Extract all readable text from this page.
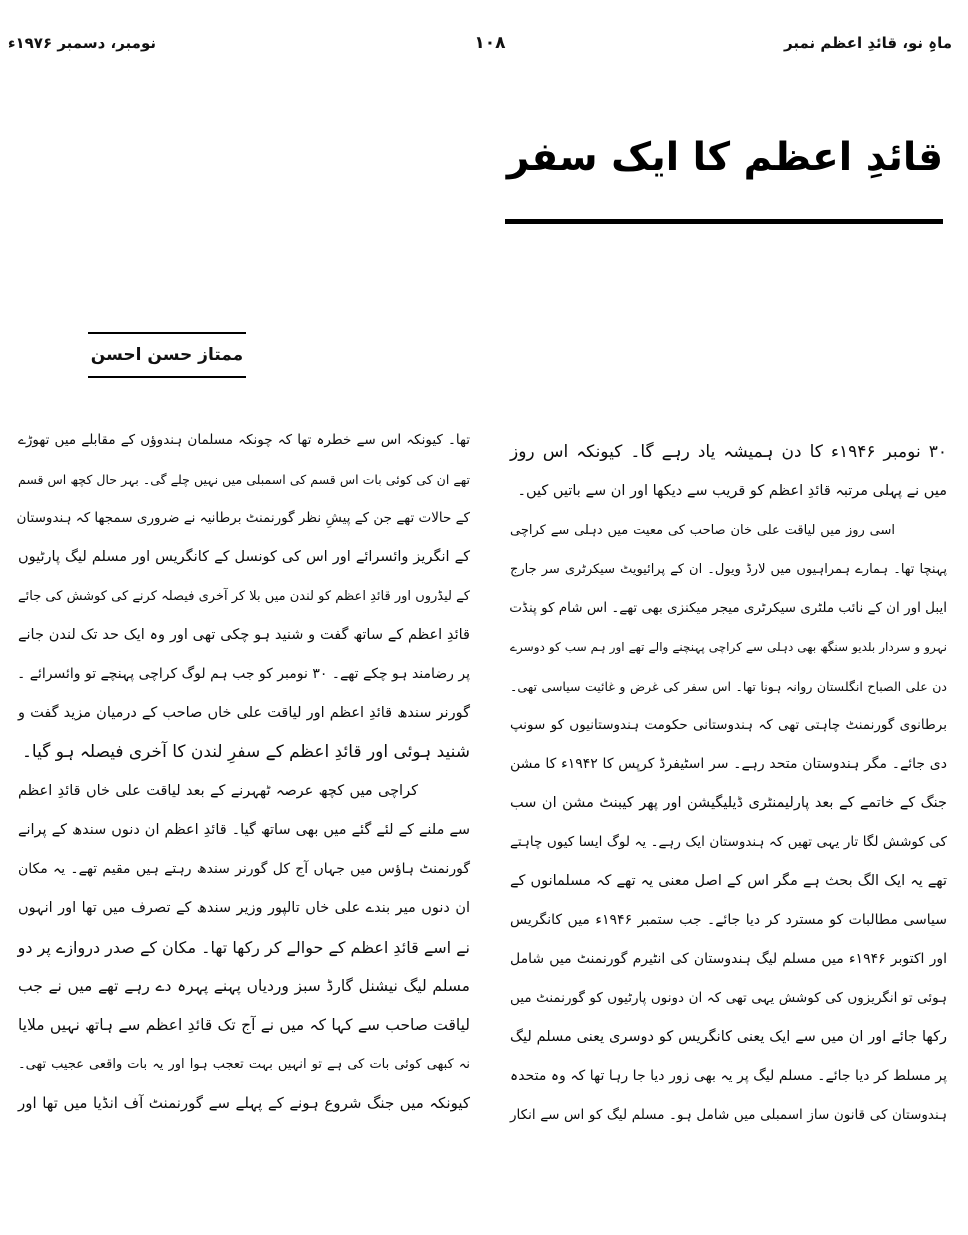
ماہِ نو، قائدِ اعظم نمبر
۱۰۸
نومبر، دسمبر ۱۹۷۶ء
قائدِ اعظم کا ایک سفر
ممتاز حسن احسن
۳۰ نومبر ۱۹۴۶ء کا دن ہمیشہ یاد رہے گا۔ کیونکہ اس روز
میں نے پہلی مرتبہ قائدِ اعظم کو قریب سے دیکھا اور ان سے باتیں کیں۔
اسی روز میں لیاقت علی خان صاحب کی معیت میں دہلی سے کراچی
پہنچا تھا۔ ہمارے ہمراہیوں میں لارڈ ویول۔ ان کے پرائیویٹ سیکرٹری سر جارج
ایبل اور ان کے نائب ملٹری سیکرٹری میجر میکنزی بھی تھے۔ اس شام کو پنڈت
نہرو و سردار بلدیو سنگھ بھی دہلی سے کراچی پہنچنے والے تھے اور ہم سب کو دوسرے
دن علی الصباح انگلستان روانہ ہونا تھا۔ اس سفر کی غرض و غائیت سیاسی تھی۔
برطانوی گورنمنٹ چاہتی تھی کہ ہندوستانی حکومت ہندوستانیوں کو سونپ
دی جائے۔ مگر ہندوستان متحد رہے۔ سر اسٹیفرڈ کرپس کا ۱۹۴۲ء کا مشن
جنگ کے خاتمے کے بعد پارلیمنٹری ڈیلیگیشن اور پھر کیبنٹ مشن ان سب
کی کوشش لگا تار یہی تھیں کہ ہندوستان ایک رہے۔ یہ لوگ ایسا کیوں چاہتے
تھے یہ ایک الگ بحث ہے مگر اس کے اصل معنی یہ تھے کہ مسلمانوں کے
سیاسی مطالبات کو مسترد کر دیا جائے۔ جب ستمبر ۱۹۴۶ء میں کانگریس
اور اکتوبر ۱۹۴۶ء میں مسلم لیگ ہندوستان کی انٹیرم گورنمنٹ میں شامل
ہوئی تو انگریزوں کی کوشش یہی تھی کہ ان دونوں پارٹیوں کو گورنمنٹ میں
رکھا جائے اور ان میں سے ایک یعنی کانگریس کو دوسری یعنی مسلم لیگ
پر مسلط کر دیا جائے۔ مسلم لیگ پر یہ بھی زور دیا جا رہا تھا کہ وہ متحدہ
ہندوستان کی قانون ساز اسمبلی میں شامل ہو۔ مسلم لیگ کو اس سے انکار
تھا۔ کیونکہ اس سے خطرہ تھا کہ چونکہ مسلمان ہندوؤں کے مقابلے میں تھوڑے
تھے ان کی کوئی بات اس قسم کی اسمبلی میں نہیں چلے گی۔ بہر حال کچھ اس قسم
کے حالات تھے جن کے پیشِ نظر گورنمنٹ برطانیہ نے ضروری سمجھا کہ ہندوستان
کے انگریز وائسرائے اور اس کی کونسل کے کانگریس اور مسلم لیگ پارٹیوں
کے لیڈروں اور قائدِ اعظم کو لندن میں بلا کر آخری فیصلہ کرنے کی کوشش کی جائے
قائدِ اعظم کے ساتھ گفت و شنید ہو چکی تھی اور وہ ایک حد تک لندن جانے
پر رضامند ہو چکے تھے۔ ۳۰ نومبر کو جب ہم لوگ کراچی پہنچے تو وائسرائے ۔
گورنر سندھ قائدِ اعظم اور لیاقت علی خاں صاحب کے درمیان مزید گفت و
شنید ہوئی اور قائدِ اعظم کے سفرِ لندن کا آخری فیصلہ ہو گیا۔
کراچی میں کچھ عرصہ ٹھہرنے کے بعد لیاقت علی خاں قائدِ اعظم
سے ملنے کے لئے گئے میں بھی ساتھ گیا۔ قائدِ اعظم ان دنوں سندھ کے پرانے
گورنمنٹ ہاؤس میں جہاں آج کل گورنر سندھ رہتے ہیں مقیم تھے۔ یہ مکان
ان دنوں میر بندے علی خاں تالپور وزیر سندھ کے تصرف میں تھا اور انہوں
نے اسے قائدِ اعظم کے حوالے کر رکھا تھا۔ مکان کے صدر دروازے پر دو
مسلم لیگ نیشنل گارڈ سبز وردیاں پہنے پہرہ دے رہے تھے میں نے جب
لیاقت صاحب سے کہا کہ میں نے آج تک قائدِ اعظم سے ہاتھ نہیں ملایا
نہ کبھی کوئی بات کی ہے تو انہیں بہت تعجب ہوا اور یہ بات واقعی عجیب تھی۔
کیونکہ میں جنگ شروع ہونے کے پہلے سے گورنمنٹ آف انڈیا میں تھا اور
